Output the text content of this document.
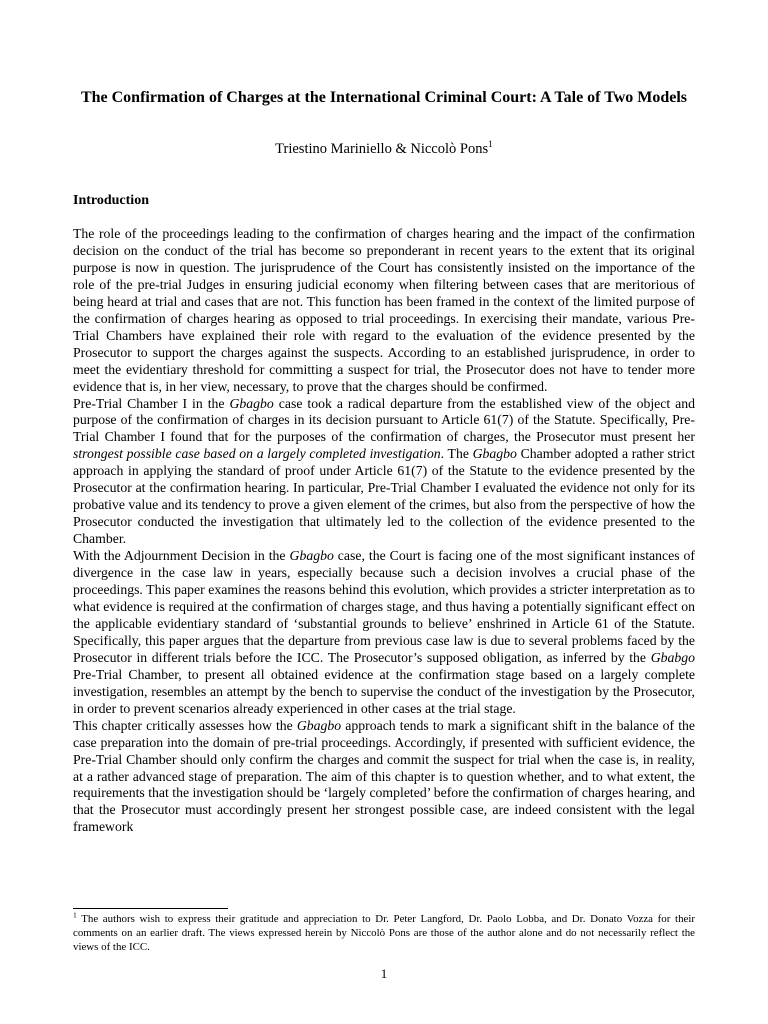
The Confirmation of Charges at the International Criminal Court: A Tale of Two Models
Triestino Mariniello & Niccolò Pons$^1$
Introduction

The role of the proceedings leading to the confirmation of charges hearing and the impact of the confirmation decision on the conduct of the trial has become so preponderant in recent years to the extent that its original purpose is now in question. The jurisprudence of the Court has consistently insisted on the importance of the role of the pre-trial Judges in ensuring judicial economy when filtering between cases that are meritorious of being heard at trial and cases that are not. This function has been framed in the context of the limited purpose of the confirmation of charges hearing as opposed to trial proceedings. In exercising their mandate, various Pre-Trial Chambers have explained their role with regard to the evaluation of the evidence presented by the Prosecutor to support the charges against the suspects. According to an established jurisprudence, in order to meet the evidentiary threshold for committing a suspect for trial, the Prosecutor does not have to tender more evidence that is, in her view, necessary, to prove that the charges should be confirmed.

Pre-Trial Chamber I in the Gbagbo case took a radical departure from the established view of the object and purpose of the confirmation of charges in its decision pursuant to Article 61(7) of the Statute. Specifically, Pre-Trial Chamber I found that for the purposes of the confirmation of charges, the Prosecutor must present her strongest possible case based on a largely completed investigation. The Gbagbo Chamber adopted a rather strict approach in applying the standard of proof under Article 61(7) of the Statute to the evidence presented by the Prosecutor at the confirmation hearing. In particular, Pre-Trial Chamber I evaluated the evidence not only for its probative value and its tendency to prove a given element of the crimes, but also from the perspective of how the Prosecutor conducted the investigation that ultimately led to the collection of the evidence presented to the Chamber.

With the Adjournment Decision in the Gbagbo case, the Court is facing one of the most significant instances of divergence in the case law in years, especially because such a decision involves a crucial phase of the proceedings. This paper examines the reasons behind this evolution, which provides a stricter interpretation as to what evidence is required at the confirmation of charges stage, and thus having a potentially significant effect on the applicable evidentiary standard of ‘substantial grounds to believe’ enshrined in Article 61 of the Statute. Specifically, this paper argues that the departure from previous case law is due to several problems faced by the Prosecutor in different trials before the ICC. The Prosecutor’s supposed obligation, as inferred by the Gbabgo Pre-Trial Chamber, to present all obtained evidence at the confirmation stage based on a largely complete investigation, resembles an attempt by the bench to supervise the conduct of the investigation by the Prosecutor, in order to prevent scenarios already experienced in other cases at the trial stage.

This chapter critically assesses how the Gbagbo approach tends to mark a significant shift in the balance of the case preparation into the domain of pre-trial proceedings. Accordingly, if presented with sufficient evidence, the Pre-Trial Chamber should only confirm the charges and commit the suspect for trial when the case is, in reality, at a rather advanced stage of preparation. The aim of this chapter is to question whether, and to what extent, the requirements that the investigation should be ‘largely completed’ before the confirmation of charges hearing, and that the Prosecutor must accordingly present her strongest possible case, are indeed consistent with the legal framework

$^1$ The authors wish to express their gratitude and appreciation to Dr. Peter Langford, Dr. Paolo Lobba, and Dr. Donato Vozza for their comments on an earlier draft. The views expressed herein by Niccolò Pons are those of the author alone and do not necessarily reflect the views of the ICC.
1
